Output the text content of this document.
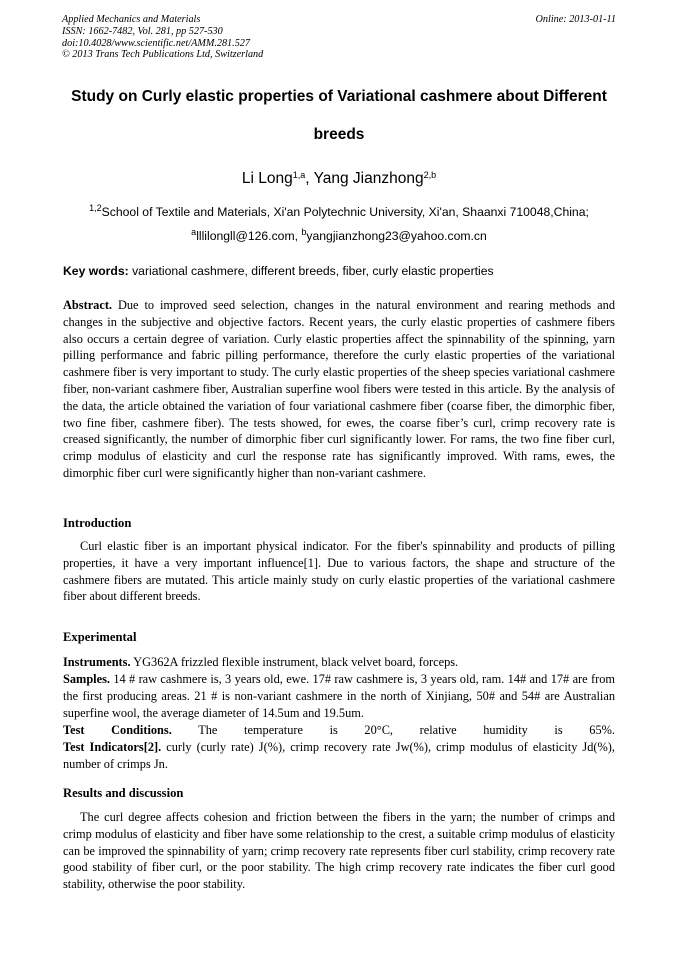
Applied Mechanics and Materials
ISSN: 1662-7482, Vol. 281, pp 527-530
doi:10.4028/www.scientific.net/AMM.281.527
© 2013 Trans Tech Publications Ltd, Switzerland
Online: 2013-01-11
Study on Curly elastic properties of Variational cashmere about Different
breeds
Li Long$^{1,a}$, Yang Jianzhong$^{2,b}$
$^{1,2}$School of Textile and Materials, Xi'an Polytechnic University, Xi'an, Shaanxi 710048,China;
$^a$lllilongll@126.com, $^b$yangjianzhong23@yahoo.com.cn
Key words: variational cashmere, different breeds, fiber, curly elastic properties

Abstract. Due to improved seed selection, changes in the natural environment and rearing methods and changes in the subjective and objective factors. Recent years, the curly elastic properties of cashmere fibers also occurs a certain degree of variation. Curly elastic properties affect the spinnability of the spinning, yarn pilling performance and fabric pilling performance, therefore the curly elastic properties of the variational cashmere fiber is very important to study. The curly elastic properties of the sheep species variational cashmere fiber, non-variant cashmere fiber, Australian superfine wool fibers were tested in this article. By the analysis of the data, the article obtained the variation of four variational cashmere fiber (coarse fiber, the dimorphic fiber, two fine fiber, cashmere fiber). The tests showed, for ewes, the coarse fiber’s curl, crimp recovery rate is creased significantly, the number of dimorphic fiber curl significantly lower. For rams, the two fine fiber curl, crimp modulus of elasticity and curl the response rate has significantly improved. With rams, ewes, the dimorphic fiber curl were significantly higher than non-variant cashmere.

Introduction

Curl elastic fiber is an important physical indicator. For the fiber's spinnability and products of pilling properties, it have a very important influence[1]. Due to various factors, the shape and structure of the cashmere fibers are mutated. This article mainly study on curly elastic properties of the variational cashmere fiber about different breeds.

Experimental
Instruments. YG362A frizzled flexible instrument, black velvet board, forceps.

Samples. 14 # raw cashmere is, 3 years old, ewe. 17# raw cashmere is, 3 years old, ram. 14# and 17# are from the first producing areas. 21 # is non-variant cashmere in the north of Xinjiang, 50# and 54# are Australian superfine wool, the average diameter of 14.5um and 19.5um.

Test Conditions. The temperature is 20°C, relative humidity is 65%.

Test Indicators[2]. curly (curly rate) J(%), crimp recovery rate Jw(%), crimp modulus of elasticity Jd(%), number of crimps Jn.

Results and discussion

The curl degree affects cohesion and friction between the fibers in the yarn; the number of crimps and crimp modulus of elasticity and fiber have some relationship to the crest, a suitable crimp modulus of elasticity can be improved the spinnability of yarn; crimp recovery rate represents fiber curl stability, crimp recovery rate good stability of fiber curl, or the poor stability. The high crimp recovery rate indicates the fiber curl good stability, otherwise the poor stability.
